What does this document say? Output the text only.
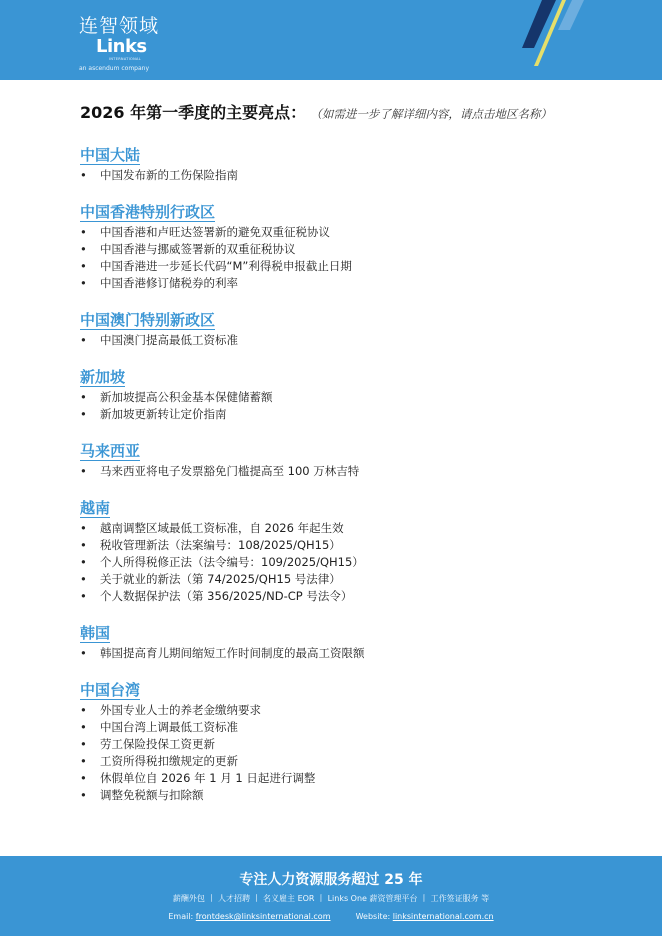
连智领域
Links
INTERNATIONAL
an ascendum company
2026 年第一季度的主要亮点： （如需进一步了解详细内容，请点击地区名称）
中国大陆
• 中国发布新的工伤保险指南
中国香港特别行政区
• 中国香港和卢旺达签署新的避免双重征税协议
• 中国香港与挪威签署新的双重征税协议
• 中国香港进一步延长代码“M”利得税申报截止日期
• 中国香港修订储税券的利率
中国澳门特别新政区
• 中国澳门提高最低工资标准
新加坡
• 新加坡提高公积金基本保健储蓄额
• 新加坡更新转让定价指南
马来西亚
• 马来西亚将电子发票豁免门槛提高至 100 万林吉特
越南
• 越南调整区域最低工资标准，自 2026 年起生效
• 税收管理新法（法案编号：108/2025/QH15）
• 个人所得税修正法（法令编号：109/2025/QH15）
• 关于就业的新法（第 74/2025/QH15 号法律）
• 个人数据保护法（第 356/2025/ND-CP 号法令）
韩国
• 韩国提高育儿期间缩短工作时间制度的最高工资限额
中国台湾
• 外国专业人士的养老金缴纳要求
• 中国台湾上调最低工资标准
• 劳工保险投保工资更新
• 工资所得税扣缴规定的更新
• 休假单位自 2026 年 1 月 1 日起进行调整
• 调整免税额与扣除额
专注人力资源服务超过 25 年
薪酬外包 丨 人才招聘 丨 名义雇主 EOR 丨 Links One 薪资管理平台 丨 工作签证服务 等
Email: frontdesk@linksinternational.com	Website: linksinternational.com.cn
